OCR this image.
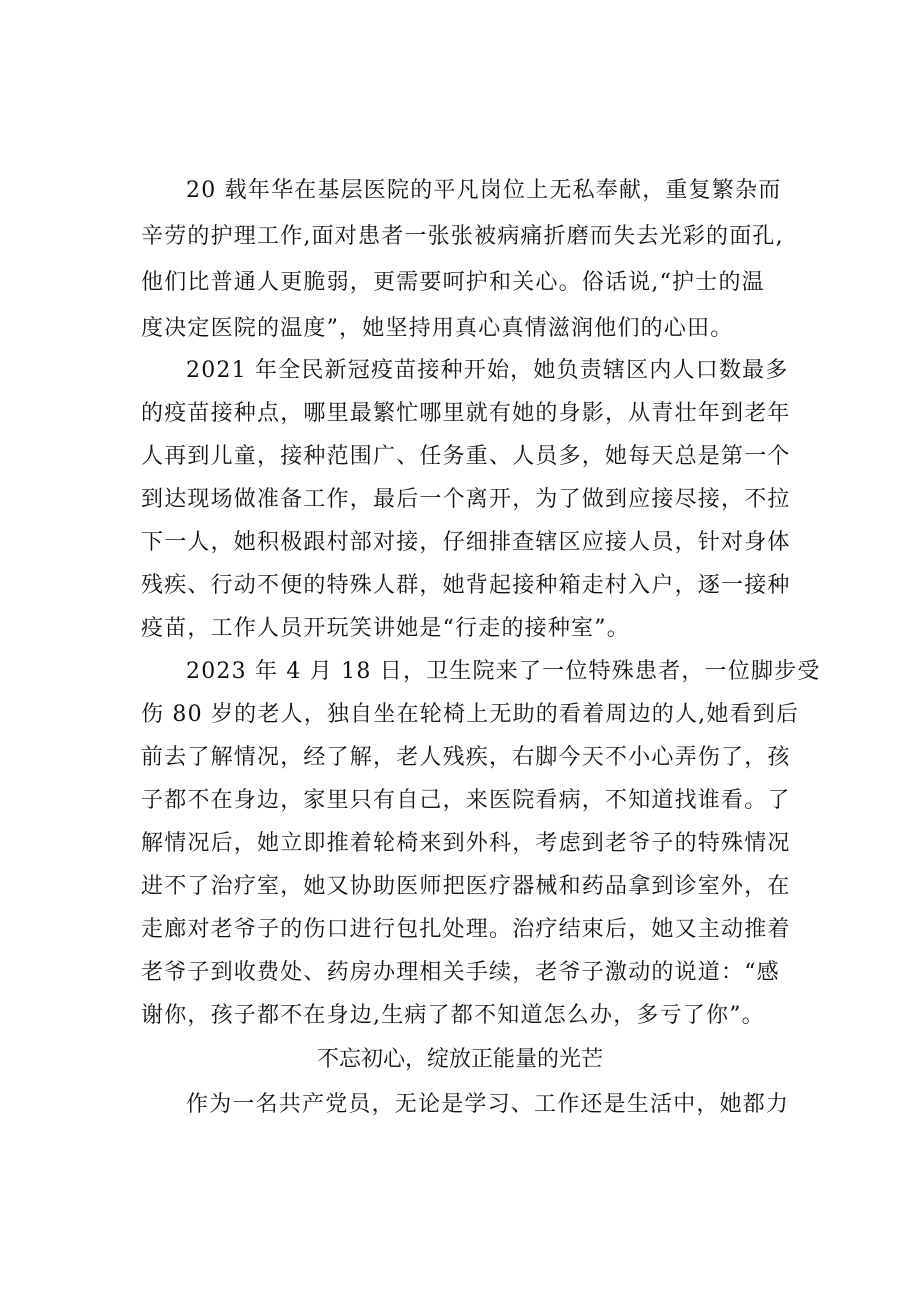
20 载年华在基层医院的平凡岗位上无私奉献，重复繁杂而
辛劳的护理工作,面对患者一张张被病痛折磨而失去光彩的面孔,
他们比普通人更脆弱，更需要呵护和关心。俗话说,“护士的温
度决定医院的温度”，她坚持用真心真情滋润他们的心田。
2021 年全民新冠疫苗接种开始，她负责辖区内人口数最多
的疫苗接种点，哪里最繁忙哪里就有她的身影，从青壮年到老年
人再到儿童，接种范围广、任务重、人员多，她每天总是第一个
到达现场做准备工作，最后一个离开，为了做到应接尽接，不拉
下一人，她积极跟村部对接，仔细排查辖区应接人员，针对身体
残疾、行动不便的特殊人群，她背起接种箱走村入户，逐一接种
疫苗，工作人员开玩笑讲她是“行走的接种室”。
2023 年 4 月 18 日，卫生院来了一位特殊患者，一位脚步受
伤 80 岁的老人，独自坐在轮椅上无助的看着周边的人,她看到后
前去了解情况，经了解，老人残疾，右脚今天不小心弄伤了，孩
子都不在身边，家里只有自己，来医院看病，不知道找谁看。了
解情况后，她立即推着轮椅来到外科，考虑到老爷子的特殊情况
进不了治疗室，她又协助医师把医疗器械和药品拿到诊室外，在
走廊对老爷子的伤口进行包扎处理。治疗结束后，她又主动推着
老爷子到收费处、药房办理相关手续，老爷子激动的说道：“感
谢你，孩子都不在身边,生病了都不知道怎么办，多亏了你”。
不忘初心，绽放正能量的光芒
作为一名共产党员，无论是学习、工作还是生活中，她都力
